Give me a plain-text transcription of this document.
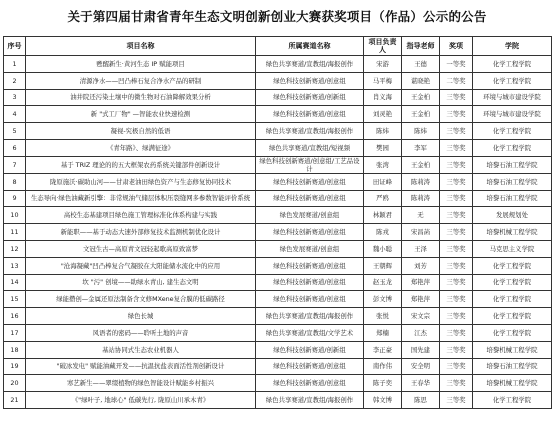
关于第四届甘肃省青年生态文明创新创业大赛获奖项目（作品）公示的公告
序号	项目名称	所属赛道名称	项目负责人	指导老师	奖项	学院
1	甦醒新生·黄河生态 IP 赋能项目	绿色共享赛道/宣教组/海报创作	宋游	王德	一等奖	化学工程学院
2	清源净水——凹凸棒石复合净水产品的研制	绿色科技创新赛道/创意组	马平梅	谌晓艳	二等奖	化学工程学院
3	油井院还污染土壤中的微生物对石油降解效果分析	绿色科技创新赛道/创新组	肖义海	王金柏	三等奖	环境与城市建设学院
4	新 "式工厂物" —智能农业快速检测	绿色科技创新赛道/创意组	刘灵艳	王金柏	三等奖	环境与城市建设学院
5	凝视-究极自然的低语	绿色共享赛道/宣教组/海报创作	陈炜	陈炜	三等奖	化学工程学院
6	《青年路》、绿满征途》	绿色共享赛道/宣教组/短视频	樊园	李军	三等奖	化学工程学院
7	基于 TRIZ 理论的的五大框架农药系统关键部件创新设计	绿色科技创新赛道/创意组/工艺品设计	张湾	王金柏	三等奖	培黎石油工程学院
8	陇原施沃·碳助山河——甘肃老油田绿色资产与生态修复协同技术	绿色科技创新赛道/创意组	田证峰	陈莉涛	三等奖	培黎石油工程学院
9	生态导向·绿色油藏新引擎：非常规油气储层体积压裂缝网多参数智能评价系统	绿色科技创新赛道/创意组	严鸥	陈莉涛	三等奖	培黎石油工程学院
10	高校生态基建项目绿色施工管理标准化体系构建与实践	绿色发展赛道/创意组	林颖君	无	三等奖	发展规划处
11	新能职——基于动态大速外部修复技术监测机制优化设计	绿色科技创新赛道/创意组	陈戎	宋昌菡	三等奖	培黎机械工程学院
12	文冠生古—高原青文冠轻起歌高原致富梦	绿色发展赛道/创意组	魏小聪	王泽	三等奖	马克思主义学院
13	"沧海凝藏"凹凸棒复合气凝胶在大阳能储水流化中的应用	绿色科技创新赛道/创意组	王朝辉	刘芳	三等奖	化学工程学院
14	坎 "污" 创境——助绿水青山, 建生态文明	绿色科技创新赛道/创意组	赵玉龙	郑艳萍	三等奖	化学工程学院
15	绿能攒创—金属还原法制备含文修MXene复合膜的低碳路径	绿色科技创新赛道/创意组	彭文博	郑艳萍	三等奖	化学工程学院
16	绿色长城	绿色共享赛道/宣教组/海报创作	张悦	宋文宗	三等奖	化学工程学院
17	风语者的密码——聆听土地的声音	绿色共享赛道/宣教组/文学艺术	郑楠	江杰	三等奖	化学工程学院
18	基站协同式生态农业机器人	绿色科技创新赛道/创新组	李正豪	国先建	三等奖	培黎机械工程学院
19	"破冰发电" 赋能油藏开发——抗温抗盐表面活性剂创新设计	绿色科技创新赛道/创意组	南作伟	安全明	三等奖	培黎石油工程学院
20	寒艺新生——翠缀植物的绿色智能设计赋能乡村振兴	绿色科技创新赛道/创意组	陈子奕	王春华	三等奖	培黎机械工程学院
21	《"绿叶子, 地球心" 低碳先行, 陇原山川承木青》	绿色共享赛道/宣教组/海报创作	韩文博	陈思	三等奖	化学工程学院
